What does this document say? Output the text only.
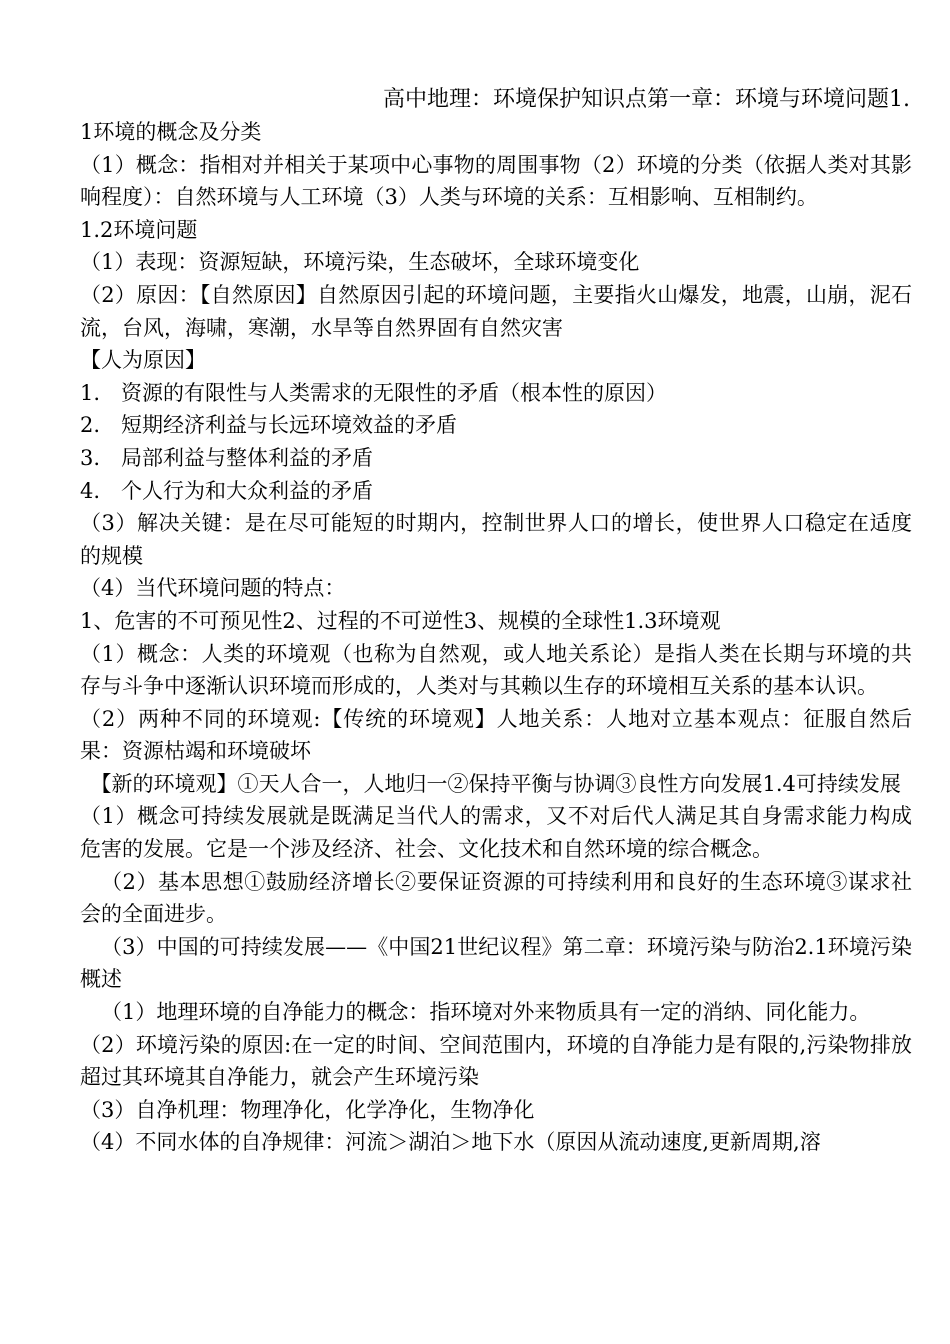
高中地理：环境保护知识点第一章：环境与环境问题1.

1环境的概念及分类

（1）概念：指相对并相关于某项中心事物的周围事物（2）环境的分类（依据人类对其影响程度）：自然环境与人工环境（3）人类与环境的关系：互相影响、互相制约。

1.2环境问题

（1）表现：资源短缺，环境污染，生态破坏，全球环境变化

（2）原因：【自然原因】自然原因引起的环境问题，主要指火山爆发，地震，山崩，泥石流，台风，海啸，寒潮，水旱等自然界固有自然灾害

【人为原因】

1.　资源的有限性与人类需求的无限性的矛盾（根本性的原因）

2.　短期经济利益与长远环境效益的矛盾

3.　局部利益与整体利益的矛盾

4.　个人行为和大众利益的矛盾

（3）解决关键：是在尽可能短的时期内，控制世界人口的增长，使世界人口稳定在适度的规模

（4）当代环境问题的特点：

1、危害的不可预见性2、过程的不可逆性3、规模的全球性1.3环境观

（1）概念：人类的环境观（也称为自然观，或人地关系论）是指人类在长期与环境的共存与斗争中逐渐认识环境而形成的，人类对与其赖以生存的环境相互关系的基本认识。

（2）两种不同的环境观:【传统的环境观】人地关系：人地对立基本观点：征服自然后果：资源枯竭和环境破坏

【新的环境观】①天人合一，人地归一②保持平衡与协调③良性方向发展1.4可持续发展

（1）概念可持续发展就是既满足当代人的需求，又不对后代人满足其自身需求能力构成危害的发展。它是一个涉及经济、社会、文化技术和自然环境的综合概念。

（2）基本思想①鼓励经济增长②要保证资源的可持续利用和良好的生态环境③谋求社会的全面进步。

（3）中国的可持续发展——《中国21世纪议程》第二章：环境污染与防治2.1环境污染概述

（1）地理环境的自净能力的概念：指环境对外来物质具有一定的消纳、同化能力。

（2）环境污染的原因:在一定的时间、空间范围内，环境的自净能力是有限的,污染物排放超过其环境其自净能力，就会产生环境污染

（3）自净机理：物理净化，化学净化，生物净化

（4）不同水体的自净规律：河流＞湖泊＞地下水（原因从流动速度,更新周期,溶
